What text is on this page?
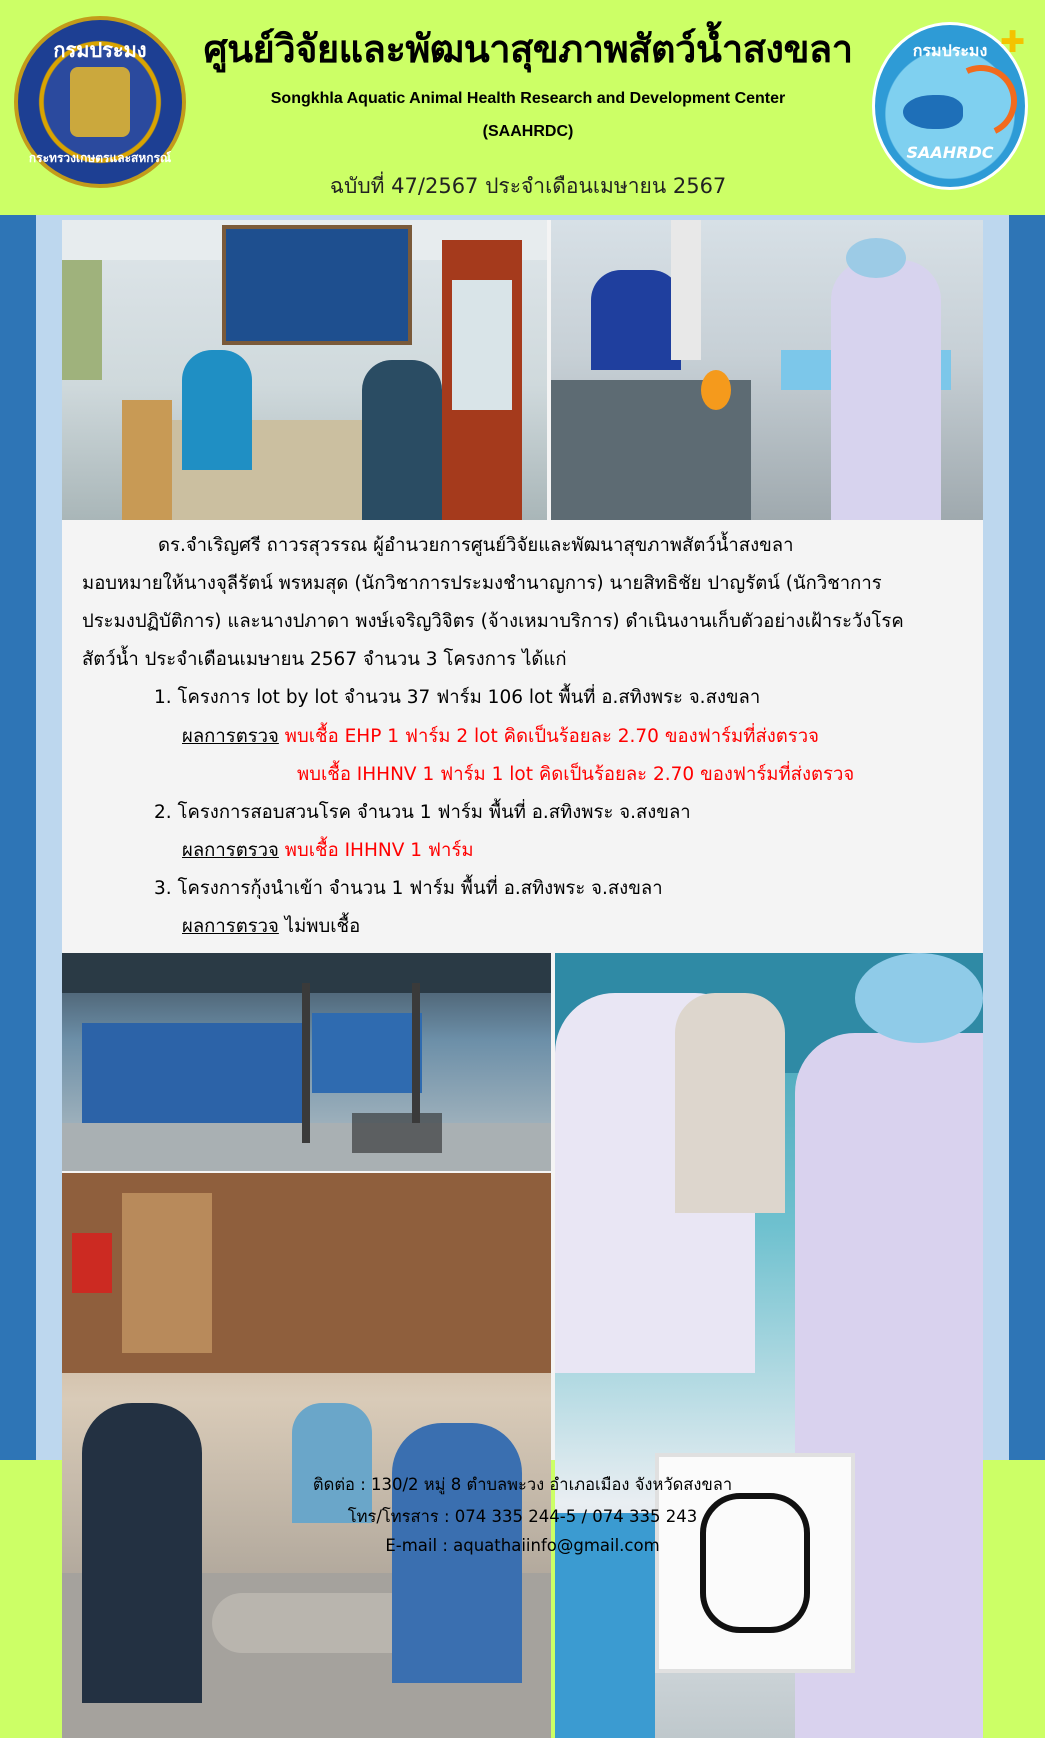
กรมประมง
กระทรวงเกษตรและสหกรณ์
ศูนย์วิจัยและพัฒนาสุขภาพสัตว์น้ำสงขลา
Songkhla Aquatic Animal Health Research and Development Center
(SAAHRDC)
ฉบับที่ 47/2567 ประจำเดือนเมษายน 2567
กรมประมง
SAAHRDC
✚
ดร.จำเริญศรี ถาวรสุวรรณ ผู้อำนวยการศูนย์วิจัยและพัฒนาสุขภาพสัตว์น้ำสงขลา
มอบหมายให้นางจุลีรัตน์ พรหมสุด (นักวิชาการประมงชำนาญการ) นายสิทธิชัย ปาญรัตน์ (นักวิชาการ
ประมงปฏิบัติการ) และนางปภาดา พงษ์เจริญวิจิตร (จ้างเหมาบริการ) ดำเนินงานเก็บตัวอย่างเฝ้าระวังโรค
สัตว์น้ำ ประจำเดือนเมษายน 2567 จำนวน 3 โครงการ ได้แก่
1. โครงการ lot by lot จำนวน 37 ฟาร์ม 106 lot พื้นที่ อ.สทิงพระ จ.สงขลา
ผลการตรวจ พบเชื้อ EHP 1 ฟาร์ม 2 lot คิดเป็นร้อยละ 2.70 ของฟาร์มที่ส่งตรวจ
พบเชื้อ IHHNV 1 ฟาร์ม 1 lot คิดเป็นร้อยละ 2.70 ของฟาร์มที่ส่งตรวจ
2. โครงการสอบสวนโรค จำนวน 1 ฟาร์ม พื้นที่ อ.สทิงพระ จ.สงขลา
ผลการตรวจ พบเชื้อ IHHNV 1 ฟาร์ม
3. โครงการกุ้งนำเข้า จำนวน 1 ฟาร์ม พื้นที่ อ.สทิงพระ จ.สงขลา
ผลการตรวจ ไม่พบเชื้อ
ติดต่อ : 130/2 หมู่ 8 ตำบลพะวง อำเภอเมือง จังหวัดสงขลา
โทร/โทรสาร : 074 335 244-5 / 074 335 243
E-mail : aquathaiinfo@gmail.com
